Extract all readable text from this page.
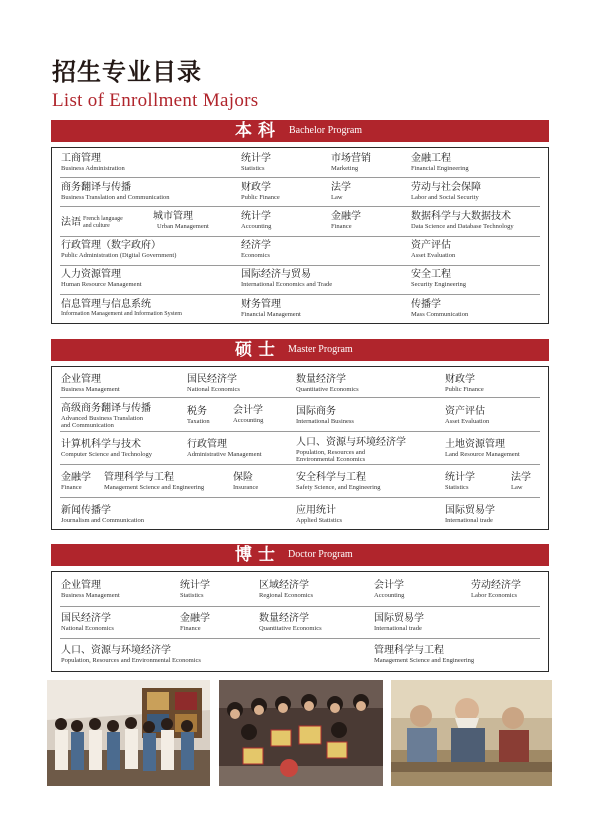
招生专业目录
List of Enrollment Majors
本科 Bachelor Program
工商管理
Business Administration
统计学
Statistics
市场营销
Marketing
金融工程
Financial Engineering
商务翻译与传播
Business Translation and Communication
财政学
Public Finance
法学
Law
劳动与社会保障
Labor and Social Security
法语 French language
and culture
城市管理
Urban Management
统计学
Accounting
金融学
Finance
数据科学与大数据技术
Data Science and Database Technology
行政管理（数字政府）
Public Administration (Digital Government)
经济学
Economics
资产评估
Asset Evaluation
人力资源管理
Human Resource Management
国际经济与贸易
International Economics and Trade
安全工程
Security Engineering
信息管理与信息系统
Information Management and Information System
财务管理
Financial Management
传播学
Mass Communication
硕士 Master Program
企业管理
Business Management
国民经济学
National Economics
数量经济学
Quantitative Economics
财政学
Public Finance
高级商务翻译与传播
Advanced Business Translation
and Communication
税务
Taxation
会计学
Accounting
国际商务
International Business
资产评估
Asset Evaluation
计算机科学与技术
Computer Science and Technology
行政管理
Administrative Management
人口、资源与环境经济学
Population, Resources and
Environmental Economics
土地资源管理
Land Resource Management
金融学
Finance
管理科学与工程
Management Science and Engineering
保险
Insurance
安全科学与工程
Safety Science, and Engineering
统计学
Statistics
法学
Law
新闻传播学
Journalism and Communication
应用统计
Applied Statistics
国际贸易学
International trade
博士 Doctor Program
企业管理
Business Management
统计学
Statistics
区域经济学
Regional Economics
会计学
Accounting
劳动经济学
Labor Economics
国民经济学
National Economics
金融学
Finance
数量经济学
Quantitative Economics
国际贸易学
International trade
人口、资源与环境经济学
Population, Resources and Environmental Economics
管理科学与工程
Management Science and Engineering
